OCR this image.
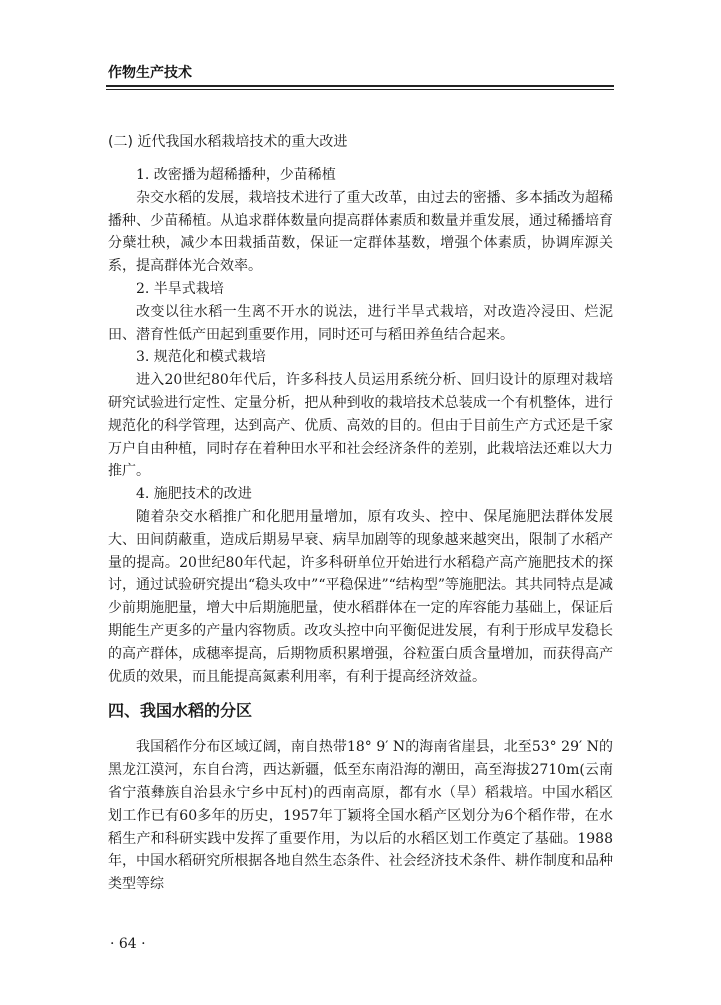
作物生产技术
(二) 近代我国水稻栽培技术的重大改进

1. 改密播为超稀播种，少苗稀植

杂交水稻的发展，栽培技术进行了重大改革，由过去的密播、多本插改为超稀播种、少苗稀植。从追求群体数量向提高群体素质和数量并重发展，通过稀播培育分蘖壮秧，减少本田栽插苗数，保证一定群体基数，增强个体素质，协调库源关系，提高群体光合效率。

2. 半旱式栽培

改变以往水稻一生离不开水的说法，进行半旱式栽培，对改造冷浸田、烂泥田、潜育性低产田起到重要作用，同时还可与稻田养鱼结合起来。

3. 规范化和模式栽培

进入20世纪80年代后，许多科技人员运用系统分析、回归设计的原理对栽培研究试验进行定性、定量分析，把从种到收的栽培技术总装成一个有机整体，进行规范化的科学管理，达到高产、优质、高效的目的。但由于目前生产方式还是千家万户自由种植，同时存在着种田水平和社会经济条件的差别，此栽培法还难以大力推广。

4. 施肥技术的改进

随着杂交水稻推广和化肥用量增加，原有攻头、控中、保尾施肥法群体发展大、田间荫蔽重，造成后期易早衰、病旱加剧等的现象越来越突出，限制了水稻产量的提高。20世纪80年代起，许多科研单位开始进行水稻稳产高产施肥技术的探讨，通过试验研究提出“稳头攻中”“平稳保进”“结构型”等施肥法。其共同特点是减少前期施肥量，增大中后期施肥量，使水稻群体在一定的库容能力基础上，保证后期能生产更多的产量内容物质。改攻头控中向平衡促进发展，有利于形成早发稳长的高产群体，成穗率提高，后期物质积累增强，谷粒蛋白质含量增加，而获得高产优质的效果，而且能提高氮素利用率，有利于提高经济效益。

四、我国水稻的分区

我国稻作分布区域辽阔，南自热带18° 9′ N的海南省崖县，北至53° 29′ N的黑龙江漠河，东自台湾，西达新疆，低至东南沿海的潮田，高至海拔2710m(云南省宁蒗彝族自治县永宁乡中瓦村)的西南高原，都有水（旱）稻栽培。中国水稻区划工作已有60多年的历史，1957年丁颖将全国水稻产区划分为6个稻作带，在水稻生产和科研实践中发挥了重要作用，为以后的水稻区划工作奠定了基础。1988年，中国水稻研究所根据各地自然生态条件、社会经济技术条件、耕作制度和品种类型等综

· 64 ·
